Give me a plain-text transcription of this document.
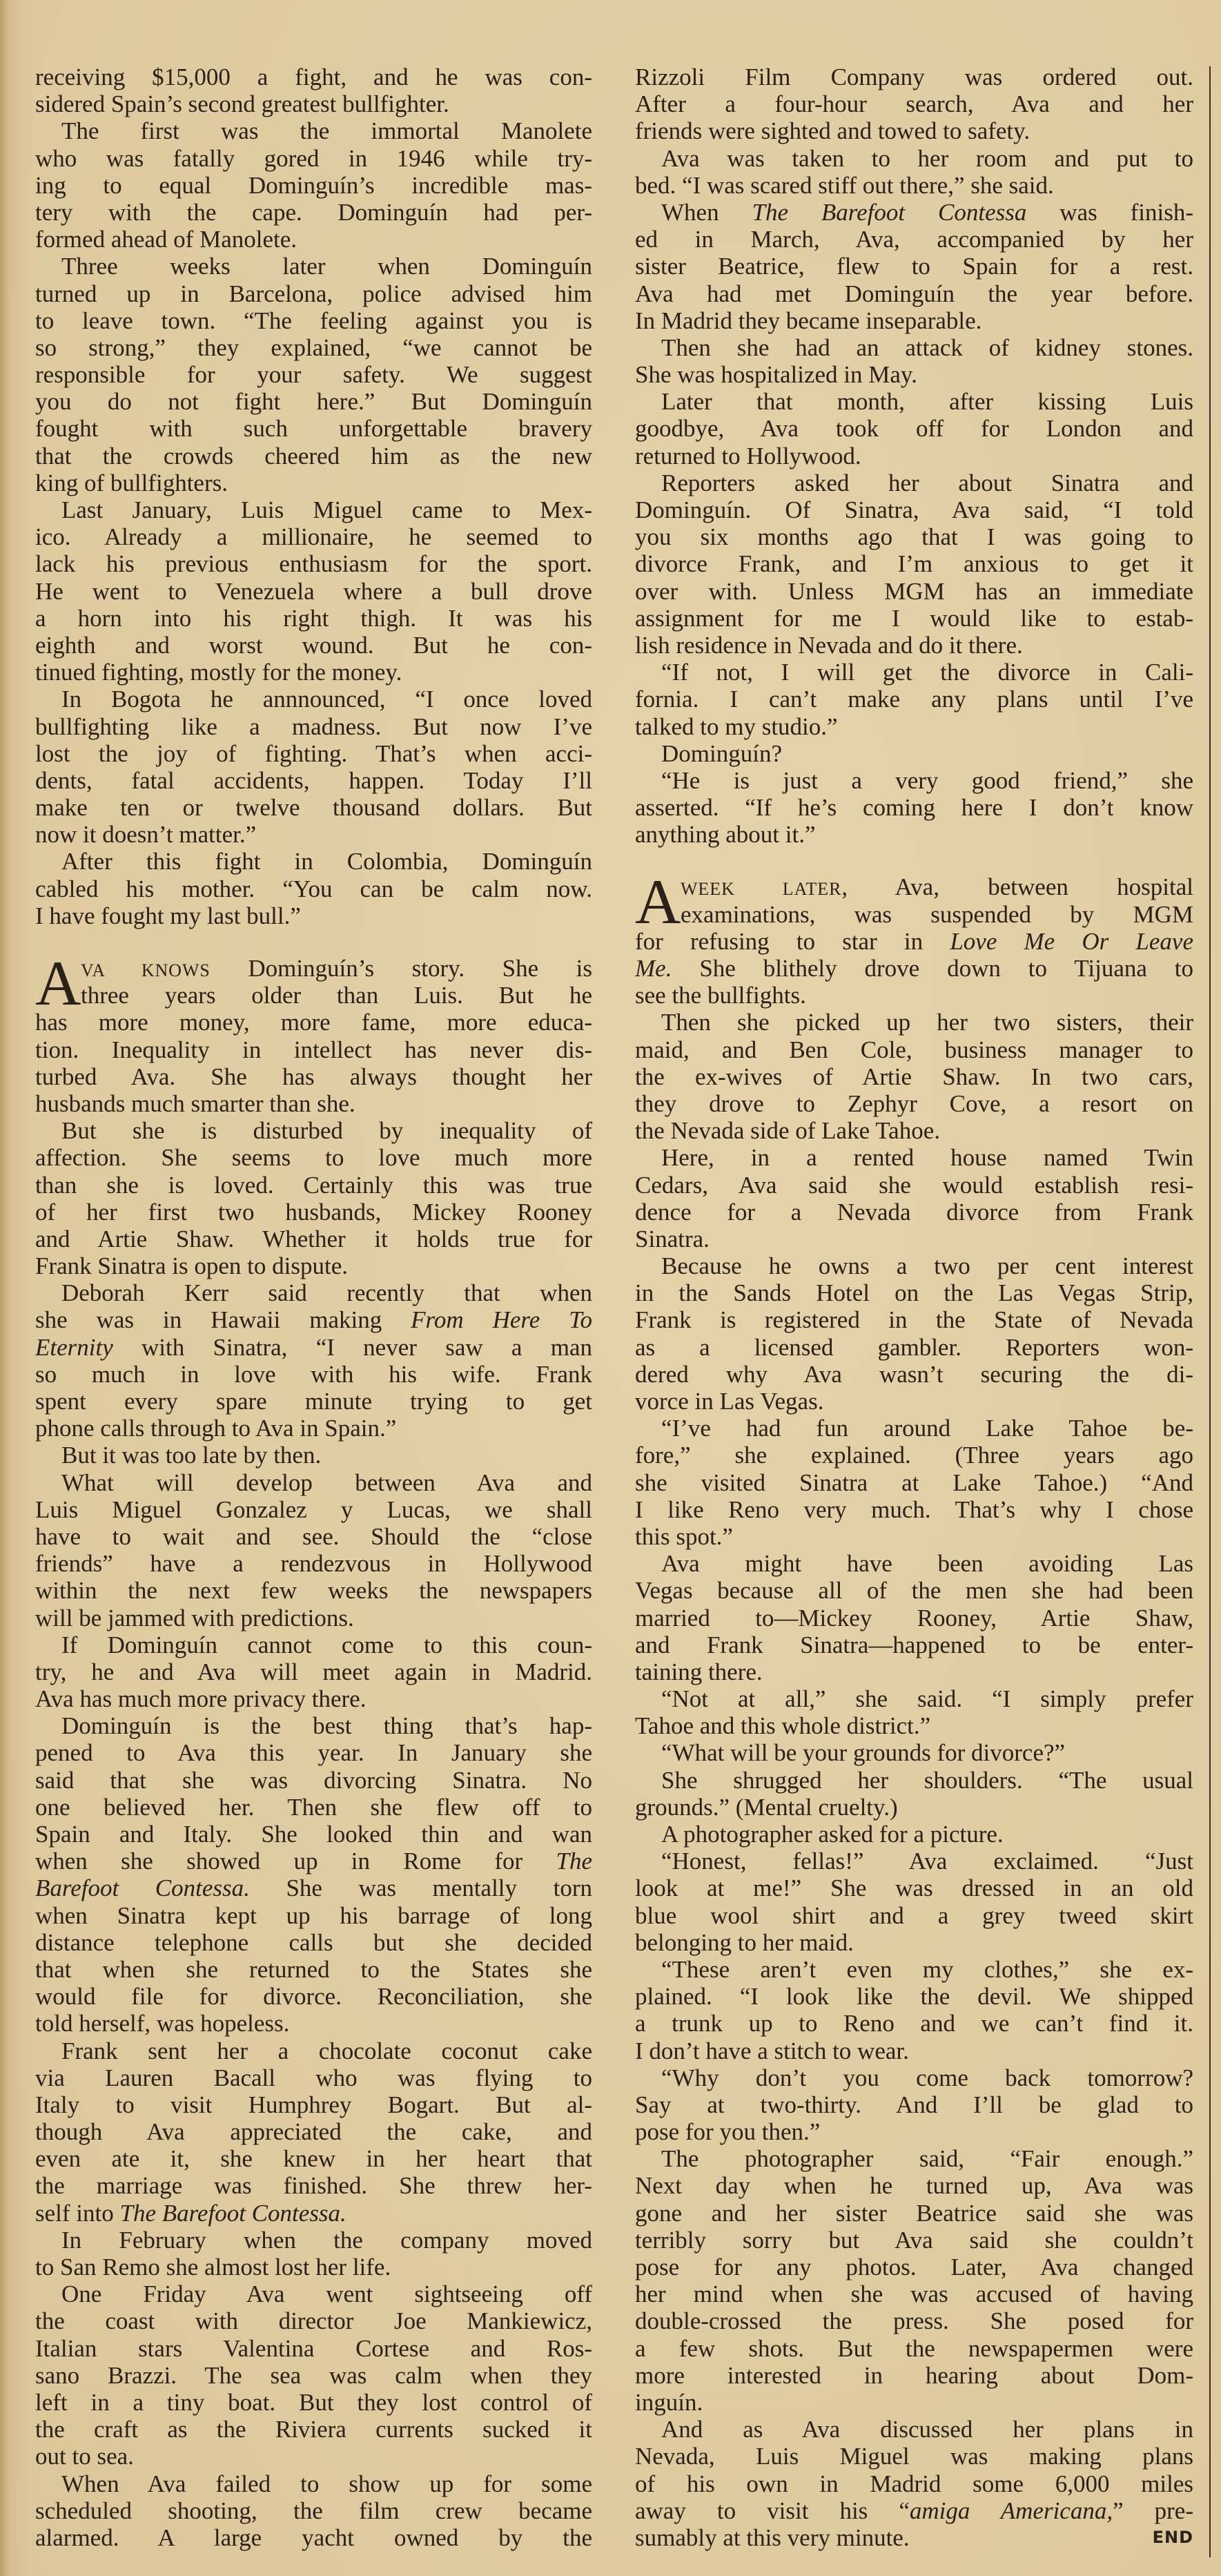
receiving $15,000 a fight, and he was con-
sidered Spain’s second greatest bullfighter.
The first was the immortal Manolete
who was fatally gored in 1946 while try-
ing to equal Dominguín’s incredible mas-
tery with the cape. Dominguín had per-
formed ahead of Manolete.
Three weeks later when Dominguín
turned up in Barcelona, police advised him
to leave town. “The feeling against you is
so strong,” they explained, “we cannot be
responsible for your safety. We suggest
you do not fight here.” But Dominguín
fought with such unforgettable bravery
that the crowds cheered him as the new
king of bullfighters.
Last January, Luis Miguel came to Mex-
ico. Already a millionaire, he seemed to
lack his previous enthusiasm for the sport.
He went to Venezuela where a bull drove
a horn into his right thigh. It was his
eighth and worst wound. But he con-
tinued fighting, mostly for the money.
In Bogota he annnounced, “I once loved
bullfighting like a madness. But now I’ve
lost the joy of fighting. That’s when acci-
dents, fatal accidents, happen. Today I’ll
make ten or twelve thousand dollars. But
now it doesn’t matter.”
After this fight in Colombia, Dominguín
cabled his mother. “You can be calm now.
I have fought my last bull.”
A VA KNOWS Dominguín’s story. She is
three years older than Luis. But he
has more money, more fame, more educa-
tion. Inequality in intellect has never dis-
turbed Ava. She has always thought her
husbands much smarter than she.
But she is disturbed by inequality of
affection. She seems to love much more
than she is loved. Certainly this was true
of her first two husbands, Mickey Rooney
and Artie Shaw. Whether it holds true for
Frank Sinatra is open to dispute.
Deborah Kerr said recently that when
she was in Hawaii making From Here To
Eternity with Sinatra, “I never saw a man
so much in love with his wife. Frank
spent every spare minute trying to get
phone calls through to Ava in Spain.”
But it was too late by then.
What will develop between Ava and
Luis Miguel Gonzalez y Lucas, we shall
have to wait and see. Should the “close
friends” have a rendezvous in Hollywood
within the next few weeks the newspapers
will be jammed with predictions.
If Dominguín cannot come to this coun-
try, he and Ava will meet again in Madrid.
Ava has much more privacy there.
Dominguín is the best thing that’s hap-
pened to Ava this year. In January she
said that she was divorcing Sinatra. No
one believed her. Then she flew off to
Spain and Italy. She looked thin and wan
when she showed up in Rome for The
Barefoot Contessa. She was mentally torn
when Sinatra kept up his barrage of long
distance telephone calls but she decided
that when she returned to the States she
would file for divorce. Reconciliation, she
told herself, was hopeless.
Frank sent her a chocolate coconut cake
via Lauren Bacall who was flying to
Italy to visit Humphrey Bogart. But al-
though Ava appreciated the cake, and
even ate it, she knew in her heart that
the marriage was finished. She threw her-
self into The Barefoot Contessa.
In February when the company moved
to San Remo she almost lost her life.
One Friday Ava went sightseeing off
the coast with director Joe Mankiewicz,
Italian stars Valentina Cortese and Ros-
sano Brazzi. The sea was calm when they
left in a tiny boat. But they lost control of
the craft as the Riviera currents sucked it
out to sea.
When Ava failed to show up for some
scheduled shooting, the film crew became
alarmed. A large yacht owned by the
Rizzoli Film Company was ordered out.
After a four-hour search, Ava and her
friends were sighted and towed to safety.
Ava was taken to her room and put to
bed. “I was scared stiff out there,” she said.
When The Barefoot Contessa was finish-
ed in March, Ava, accompanied by her
sister Beatrice, flew to Spain for a rest.
Ava had met Dominguín the year before.
In Madrid they became inseparable.
Then she had an attack of kidney stones.
She was hospitalized in May.
Later that month, after kissing Luis
goodbye, Ava took off for London and
returned to Hollywood.
Reporters asked her about Sinatra and
Dominguín. Of Sinatra, Ava said, “I told
you six months ago that I was going to
divorce Frank, and I’m anxious to get it
over with. Unless MGM has an immediate
assignment for me I would like to estab-
lish residence in Nevada and do it there.
“If not, I will get the divorce in Cali-
fornia. I can’t make any plans until I’ve
talked to my studio.”
Dominguín?
“He is just a very good friend,” she
asserted. “If he’s coming here I don’t know
anything about it.”
A WEEK LATER, Ava, between hospital
examinations, was suspended by MGM
for refusing to star in Love Me Or Leave
Me. She blithely drove down to Tijuana to
see the bullfights.
Then she picked up her two sisters, their
maid, and Ben Cole, business manager to
the ex-wives of Artie Shaw. In two cars,
they drove to Zephyr Cove, a resort on
the Nevada side of Lake Tahoe.
Here, in a rented house named Twin
Cedars, Ava said she would establish resi-
dence for a Nevada divorce from Frank
Sinatra.
Because he owns a two per cent interest
in the Sands Hotel on the Las Vegas Strip,
Frank is registered in the State of Nevada
as a licensed gambler. Reporters won-
dered why Ava wasn’t securing the di-
vorce in Las Vegas.
“I’ve had fun around Lake Tahoe be-
fore,” she explained. (Three years ago
she visited Sinatra at Lake Tahoe.) “And
I like Reno very much. That’s why I chose
this spot.”
Ava might have been avoiding Las
Vegas because all of the men she had been
married to—Mickey Rooney, Artie Shaw,
and Frank Sinatra—happened to be enter-
taining there.
“Not at all,” she said. “I simply prefer
Tahoe and this whole district.”
“What will be your grounds for divorce?”
She shrugged her shoulders. “The usual
grounds.” (Mental cruelty.)
A photographer asked for a picture.
“Honest, fellas!” Ava exclaimed. “Just
look at me!” She was dressed in an old
blue wool shirt and a grey tweed skirt
belonging to her maid.
“These aren’t even my clothes,” she ex-
plained. “I look like the devil. We shipped
a trunk up to Reno and we can’t find it.
I don’t have a stitch to wear.
“Why don’t you come back tomorrow?
Say at two-thirty. And I’ll be glad to
pose for you then.”
The photographer said, “Fair enough.”
Next day when he turned up, Ava was
gone and her sister Beatrice said she was
terribly sorry but Ava said she couldn’t
pose for any photos. Later, Ava changed
her mind when she was accused of having
double-crossed the press. She posed for
a few shots. But the newspapermen were
more interested in hearing about Dom-
inguín.
And as Ava discussed her plans in
Nevada, Luis Miguel was making plans
of his own in Madrid some 6,000 miles
away to visit his “amiga Americana,” pre-
sumably at this very minute.	END
